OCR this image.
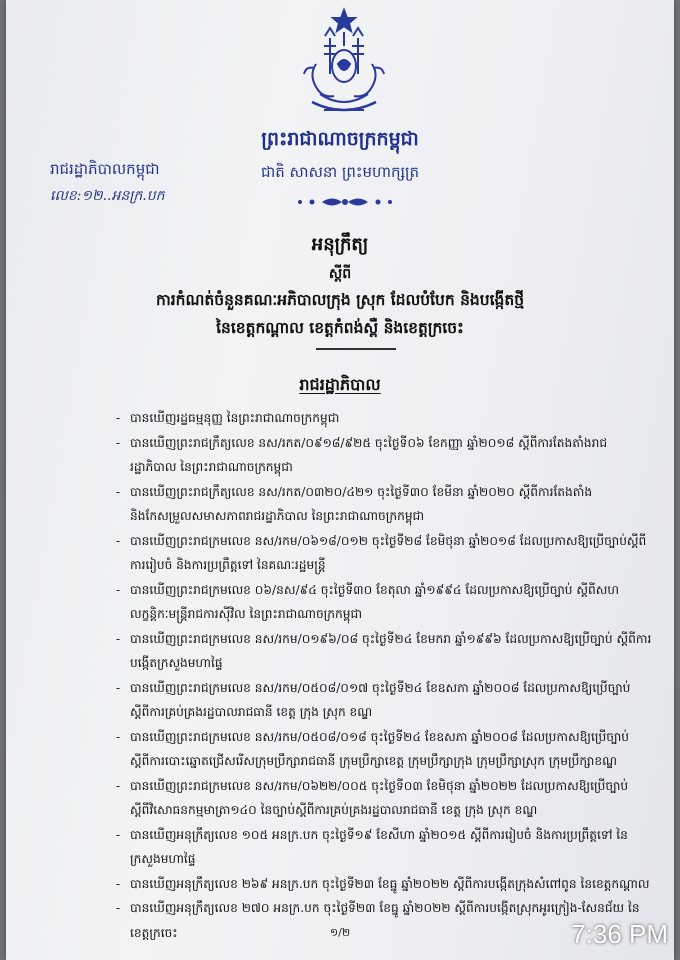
ព្រះរាជាណាចក្រកម្ពុជា
ជាតិ សាសនា ព្រះមហាក្សត្រ
រាជរដ្ឋាភិបាលកម្ពុជា
លេខ:១២..អនក្រ.បក
អនុក្រឹត្យ
ស្តីពី
ការកំណត់ចំនួនគណៈអភិបាលក្រុង ស្រុក ដែលបំបែក និងបង្កើតថ្មី
នៃខេត្តកណ្តាល ខេត្តកំពង់ស្ពឺ និងខេត្តក្រចេះ
រាជរដ្ឋាភិបាល
- បានឃើញរដ្ឋធម្មនុញ្ញ នៃព្រះរាជាណាចក្រកម្ពុជា
- បានឃើញព្រះរាជក្រឹត្យលេខ នស/រកត/០៩១៨/៩២៥ ចុះថ្ងៃទី០៦ ខែកញ្ញា ឆ្នាំ២០១៨ ស្តីពីការតែងតាំងរាជរដ្ឋាភិបាល នៃព្រះរាជាណាចក្រកម្ពុជា
- បានឃើញព្រះរាជក្រឹត្យលេខ នស/រកត/០៣២០/៤២១ ចុះថ្ងៃទី៣០ ខែមីនា ឆ្នាំ២០២០ ស្តីពីការតែងតាំង និងកែសម្រួលសមាសភាពរាជរដ្ឋាភិបាល នៃព្រះរាជាណាចក្រកម្ពុជា
- បានឃើញព្រះរាជក្រមលេខ នស/រកម/០៦១៨/០១២ ចុះថ្ងៃទី២៨ ខែមិថុនា ឆ្នាំ២០១៨ ដែលប្រកាសឱ្យប្រើច្បាប់ស្តីពី ការរៀបចំ និងការប្រព្រឹត្តទៅ នៃគណៈរដ្ឋមន្ត្រី
- បានឃើញព្រះរាជក្រមលេខ ០៦/នស/៩៤ ចុះថ្ងៃទី៣០ ខែតុលា ឆ្នាំ១៩៩៤ ដែលប្រកាសឱ្យប្រើច្បាប់ ស្តីពីសហលក្ខន្តិកៈមន្ត្រីរាជការស៊ីវិល នៃព្រះរាជាណាចក្រកម្ពុជា
- បានឃើញព្រះរាជក្រមលេខ នស/រកម/០១៩៦/០៨ ចុះថ្ងៃទី២៤ ខែមករា ឆ្នាំ១៩៩៦ ដែលប្រកាសឱ្យប្រើច្បាប់ ស្តីពីការបង្កើតក្រសួងមហាផ្ទៃ
- បានឃើញព្រះរាជក្រមលេខ នស/រកម/០៥០៨/០១៧ ចុះថ្ងៃទី២៤ ខែឧសភា ឆ្នាំ២០០៨ ដែលប្រកាសឱ្យប្រើច្បាប់ ស្តីពីការគ្រប់គ្រងរដ្ឋបាលរាជធានី ខេត្ត ក្រុង ស្រុក ខណ្ឌ
- បានឃើញព្រះរាជក្រមលេខ នស/រកម/០៥០៨/០១៨ ចុះថ្ងៃទី២៤ ខែឧសភា ឆ្នាំ២០០៨ ដែលប្រកាសឱ្យប្រើច្បាប់ ស្តីពីការបោះឆ្នោតជ្រើសរើសក្រុមប្រឹក្សារាជធានី ក្រុមប្រឹក្សាខេត្ត ក្រុមប្រឹក្សាក្រុង ក្រុមប្រឹក្សាស្រុក ក្រុមប្រឹក្សាខណ្ឌ
- បានឃើញព្រះរាជក្រមលេខ នស/រកម/០៦២២/០០៥ ចុះថ្ងៃទី០៣ ខែមិថុនា ឆ្នាំ២០២២ ដែលប្រកាសឱ្យប្រើច្បាប់ ស្តីពីវិសោធនកម្មមាត្រា១៤០ នៃច្បាប់ស្តីពីការគ្រប់គ្រងរដ្ឋបាលរាជធានី ខេត្ត ក្រុង ស្រុក ខណ្ឌ
- បានឃើញអនុក្រឹត្យលេខ ១០៥ អនក្រ.បក ចុះថ្ងៃទី១៩ ខែសីហា ឆ្នាំ២០១៥ ស្តីពីការរៀបចំ និងការប្រព្រឹត្តទៅ នៃក្រសួងមហាផ្ទៃ
- បានឃើញអនុក្រឹត្យលេខ ២៦៩ អនក្រ.បក ចុះថ្ងៃទី២៣ ខែធ្នូ ឆ្នាំ២០២២ ស្តីពីការបង្កើតក្រុងសំពៅពូន នៃខេត្តកណ្តាល
- បានឃើញអនុក្រឹត្យលេខ ២៧០ អនក្រ.បក ចុះថ្ងៃទី២៣ ខែធ្នូ ឆ្នាំ២០២២ ស្តីពីការបង្កើតស្រុកអូរក្រៀង-សែនជ័យ នៃខេត្តក្រចេះ	១/២	7:36 PM
